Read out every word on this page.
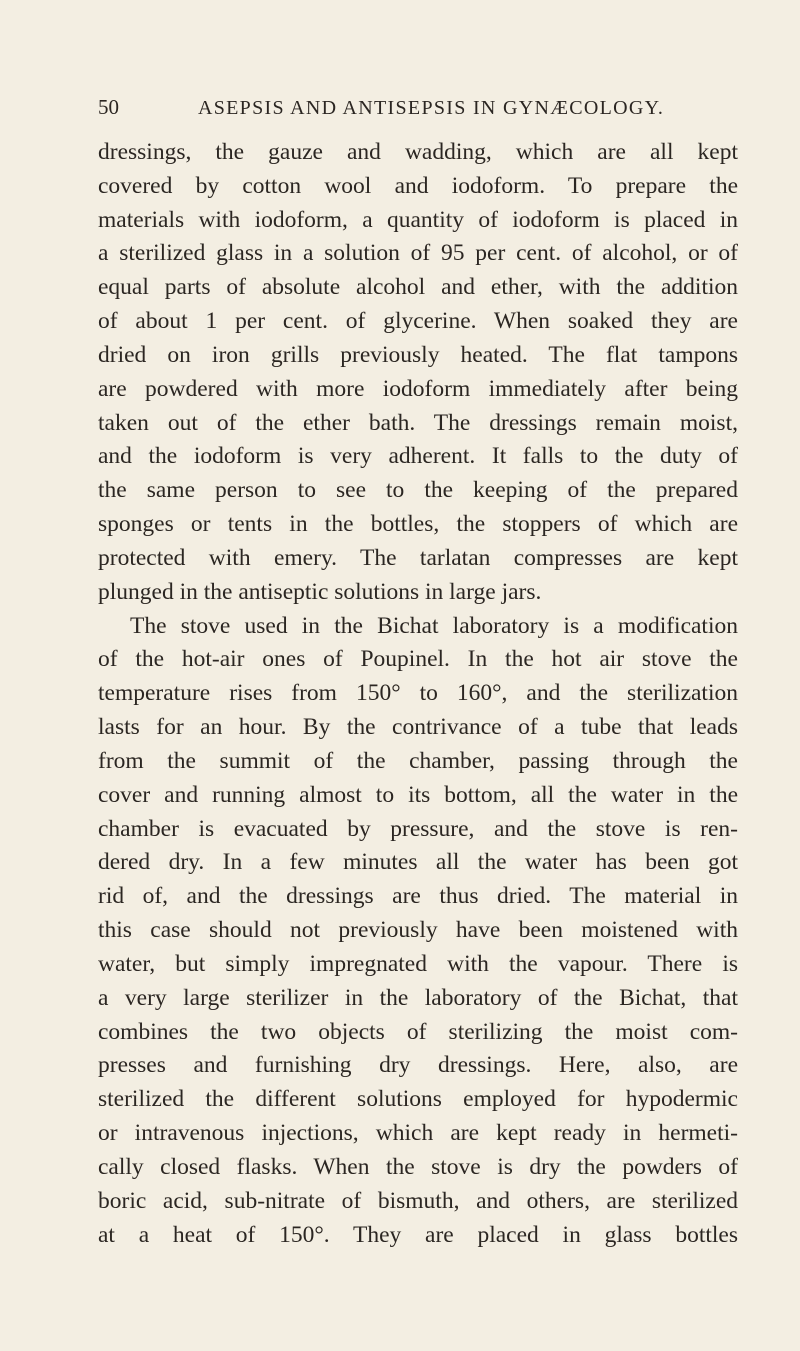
50	ASEPSIS AND ANTISEPSIS IN GYNÆCOLOGY.
dressings, the gauze and wadding, which are all kept
covered by cotton wool and iodoform. To prepare the
materials with iodoform, a quantity of iodoform is placed in
a sterilized glass in a solution of 95 per cent. of alcohol, or of
equal parts of absolute alcohol and ether, with the addition
of about 1 per cent. of glycerine. When soaked they are
dried on iron grills previously heated. The flat tampons
are powdered with more iodoform immediately after being
taken out of the ether bath. The dressings remain moist,
and the iodoform is very adherent. It falls to the duty of
the same person to see to the keeping of the prepared
sponges or tents in the bottles, the stoppers of which are
protected with emery. The tarlatan compresses are kept
plunged in the antiseptic solutions in large jars.
The stove used in the Bichat laboratory is a modification
of the hot-air ones of Poupinel. In the hot air stove the
temperature rises from 150° to 160°, and the sterilization
lasts for an hour. By the contrivance of a tube that leads
from the summit of the chamber, passing through the
cover and running almost to its bottom, all the water in the
chamber is evacuated by pressure, and the stove is ren-
dered dry. In a few minutes all the water has been got
rid of, and the dressings are thus dried. The material in
this case should not previously have been moistened with
water, but simply impregnated with the vapour. There is
a very large sterilizer in the laboratory of the Bichat, that
combines the two objects of sterilizing the moist com-
presses and furnishing dry dressings. Here, also, are
sterilized the different solutions employed for hypodermic
or intravenous injections, which are kept ready in hermeti-
cally closed flasks. When the stove is dry the powders of
boric acid, sub-nitrate of bismuth, and others, are sterilized
at a heat of 150°. They are placed in glass bottles
